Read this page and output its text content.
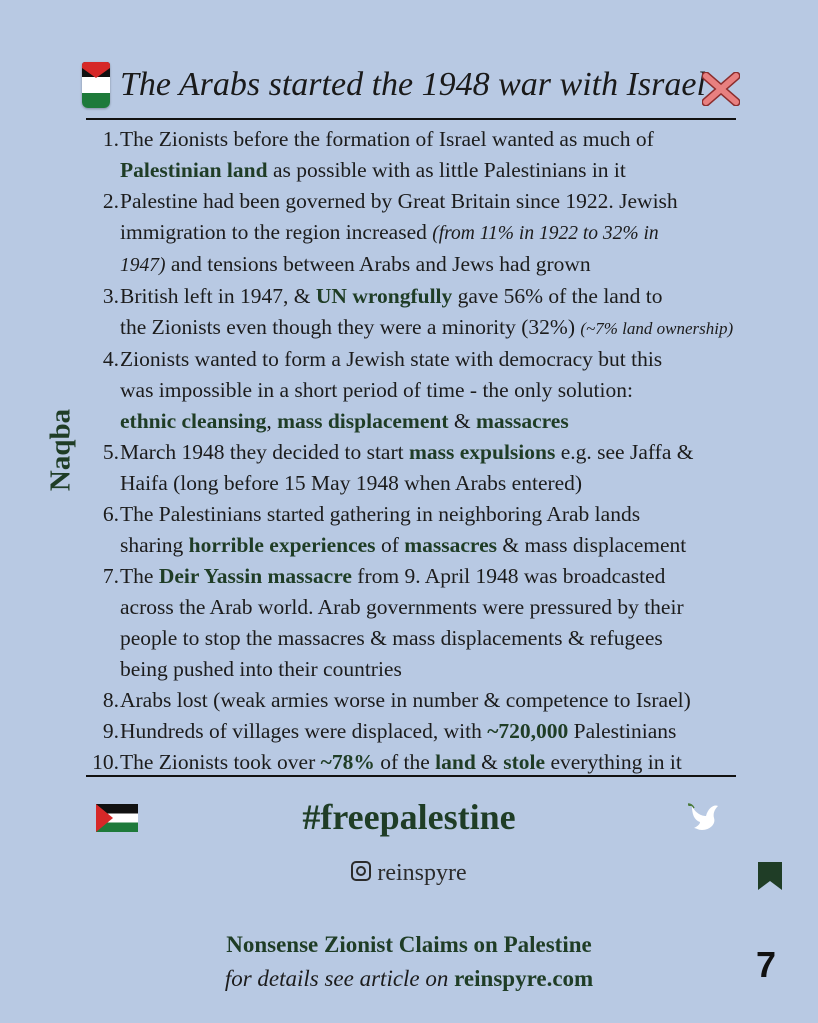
The Arabs started the 1948 war with Israel
Naqba
1. The Zionists before the formation of Israel wanted as much of
Palestinian land as possible with as little Palestinians in it
2. Palestine had been governed by Great Britain since 1922. Jewish
immigration to the region increased (from 11% in 1922 to 32% in
1947) and tensions between Arabs and Jews had grown
3. British left in 1947, & UN wrongfully gave 56% of the land to
the Zionists even though they were a minority (32%) (~7% land ownership)
4. Zionists wanted to form a Jewish state with democracy but this
was impossible in a short period of time - the only solution:
ethnic cleansing, mass displacement & massacres
5. March 1948 they decided to start mass expulsions e.g. see Jaffa &
Haifa (long before 15 May 1948 when Arabs entered)
6. The Palestinians started gathering in neighboring Arab lands
sharing horrible experiences of massacres & mass displacement
7. The Deir Yassin massacre from 9. April 1948 was broadcasted
across the Arab world. Arab governments were pressured by their
people to stop the massacres & mass displacements & refugees
being pushed into their countries
8. Arabs lost (weak armies worse in number & competence to Israel)
9. Hundreds of villages were displaced, with ~720,000 Palestinians
10. The Zionists took over ~78% of the land & stole everything in it
#freepalestine
reinspyre
Nonsense Zionist Claims on Palestine
for details see article on reinspyre.com	7
